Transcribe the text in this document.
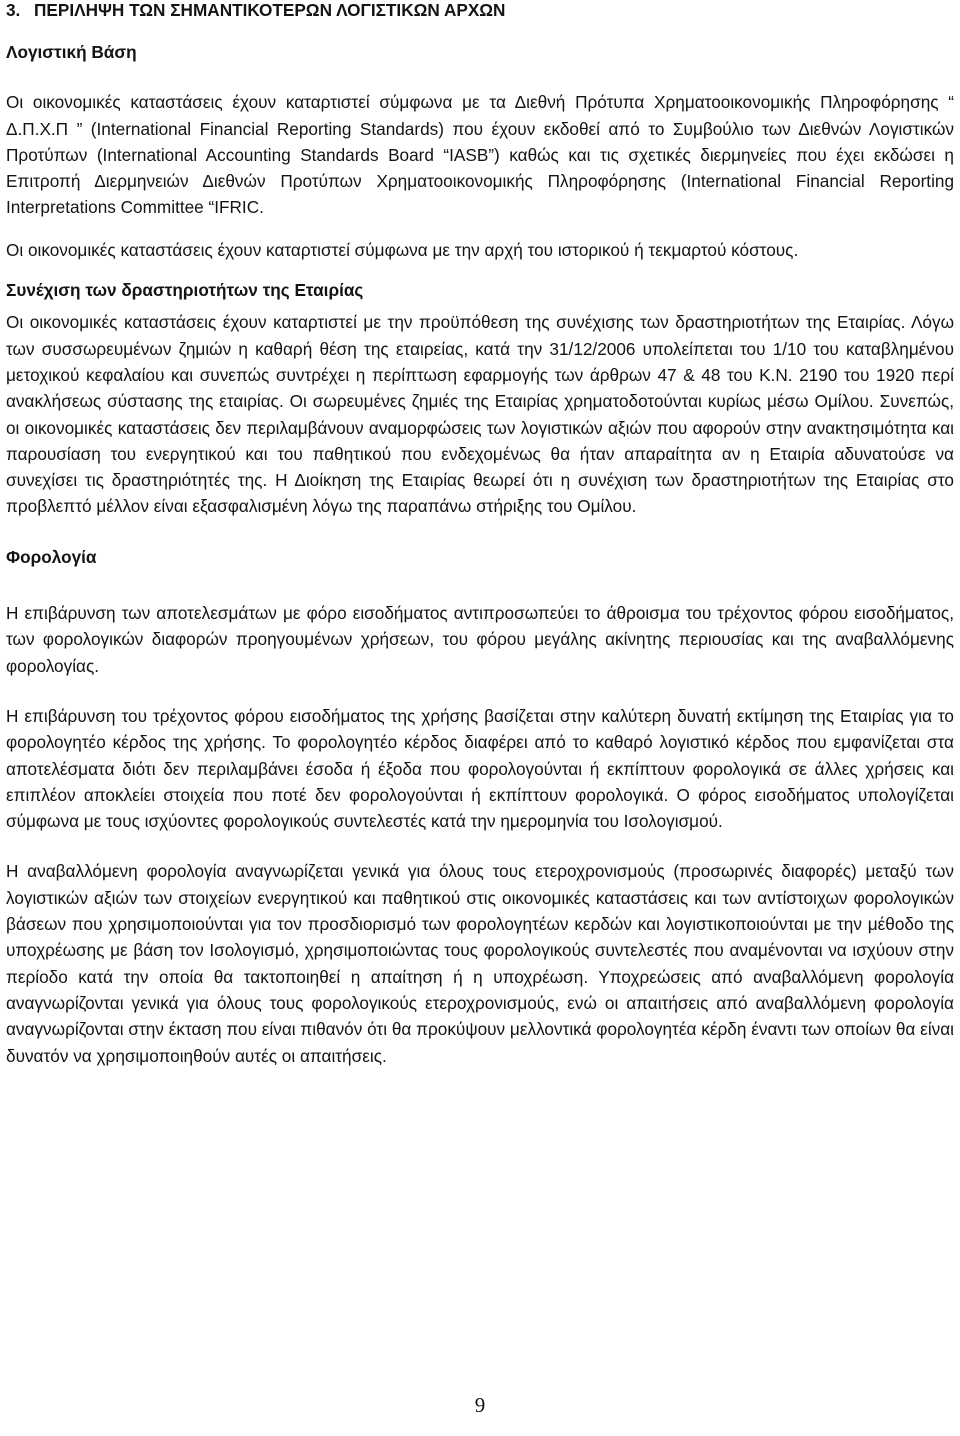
3. ΠΕΡΙΛΗΨΗ ΤΩΝ ΣΗΜΑΝΤΙΚΟΤΕΡΩΝ ΛΟΓΙΣΤΙΚΩΝ ΑΡΧΩΝ
Λογιστική Βάση

Οι οικονομικές καταστάσεις έχουν καταρτιστεί σύμφωνα με τα Διεθνή Πρότυπα Χρηματοοικονομικής Πληροφόρησης “ Δ.Π.Χ.Π ” (International Financial Reporting Standards) που έχουν εκδοθεί από το Συμβούλιο των Διεθνών Λογιστικών Προτύπων (International Accounting Standards Board “IASB”) καθώς και τις σχετικές διερμηνείες που έχει εκδώσει η Επιτροπή Διερμηνειών Διεθνών Προτύπων Χρηματοοικονομικής Πληροφόρησης (International Financial Reporting Interpretations Committee “IFRIC.

Οι οικονομικές καταστάσεις έχουν καταρτιστεί σύμφωνα με την αρχή του ιστορικού ή τεκμαρτού κόστους.

Συνέχιση των δραστηριοτήτων της Εταιρίας

Οι οικονομικές καταστάσεις έχουν καταρτιστεί με την προϋπόθεση της συνέχισης των δραστηριοτήτων της Εταιρίας. Λόγω των συσσωρευμένων ζημιών η καθαρή θέση της εταιρείας, κατά την 31/12/2006 υπολείπεται του 1/10 του καταβλημένου μετοχικού κεφαλαίου και συνεπώς συντρέχει η περίπτωση εφαρμογής των άρθρων 47 & 48 του Κ.Ν. 2190 του 1920 περί ανακλήσεως σύστασης της εταιρίας. Οι σωρευμένες ζημιές της Εταιρίας χρηματοδοτούνται κυρίως μέσω Ομίλου. Συνεπώς, οι οικονομικές καταστάσεις δεν περιλαμβάνουν αναμορφώσεις των λογιστικών αξιών που αφορούν στην ανακτησιμότητα και παρουσίαση του ενεργητικού και του παθητικού που ενδεχομένως θα ήταν απαραίτητα αν η Εταιρία αδυνατούσε να συνεχίσει τις δραστηριότητές της. Η Διοίκηση της Εταιρίας θεωρεί ότι η συνέχιση των δραστηριοτήτων της Εταιρίας στο προβλεπτό μέλλον είναι εξασφαλισμένη λόγω της παραπάνω στήριξης του Ομίλου.

Φορολογία

Η επιβάρυνση των αποτελεσμάτων με φόρο εισοδήματος αντιπροσωπεύει το άθροισμα του τρέχοντος φόρου εισοδήματος, των φορολογικών διαφορών προηγουμένων χρήσεων, του φόρου μεγάλης ακίνητης περιουσίας και της αναβαλλόμενης φορολογίας.

Η επιβάρυνση του τρέχοντος φόρου εισοδήματος της χρήσης βασίζεται στην καλύτερη δυνατή εκτίμηση της Εταιρίας για το φορολογητέο κέρδος της χρήσης. Το φορολογητέο κέρδος διαφέρει από το καθαρό λογιστικό κέρδος που εμφανίζεται στα αποτελέσματα διότι δεν περιλαμβάνει έσοδα ή έξοδα που φορολογούνται ή εκπίπτουν φορολογικά σε άλλες χρήσεις και επιπλέον αποκλείει στοιχεία που ποτέ δεν φορολογούνται ή εκπίπτουν φορολογικά. Ο φόρος εισοδήματος υπολογίζεται σύμφωνα με τους ισχύοντες φορολογικούς συντελεστές κατά την ημερομηνία του Ισολογισμού.

Η αναβαλλόμενη φορολογία αναγνωρίζεται γενικά για όλους τους ετεροχρονισμούς (προσωρινές διαφορές) μεταξύ των λογιστικών αξιών των στοιχείων ενεργητικού και παθητικού στις οικονομικές καταστάσεις και των αντίστοιχων φορολογικών βάσεων που χρησιμοποιούνται για τον προσδιορισμό των φορολογητέων κερδών και λογιστικοποιούνται με την μέθοδο της υποχρέωσης με βάση τον Ισολογισμό, χρησιμοποιώντας τους φορολογικούς συντελεστές που αναμένονται να ισχύουν στην περίοδο κατά την οποία θα τακτοποιηθεί η απαίτηση ή η υποχρέωση. Υποχρεώσεις από αναβαλλόμενη φορολογία αναγνωρίζονται γενικά για όλους τους φορολογικούς ετεροχρονισμούς, ενώ οι απαιτήσεις από αναβαλλόμενη φορολογία αναγνωρίζονται στην έκταση που είναι πιθανόν ότι θα προκύψουν μελλοντικά φορολογητέα κέρδη έναντι των οποίων θα είναι δυνατόν να χρησιμοποιηθούν αυτές οι απαιτήσεις.

9
